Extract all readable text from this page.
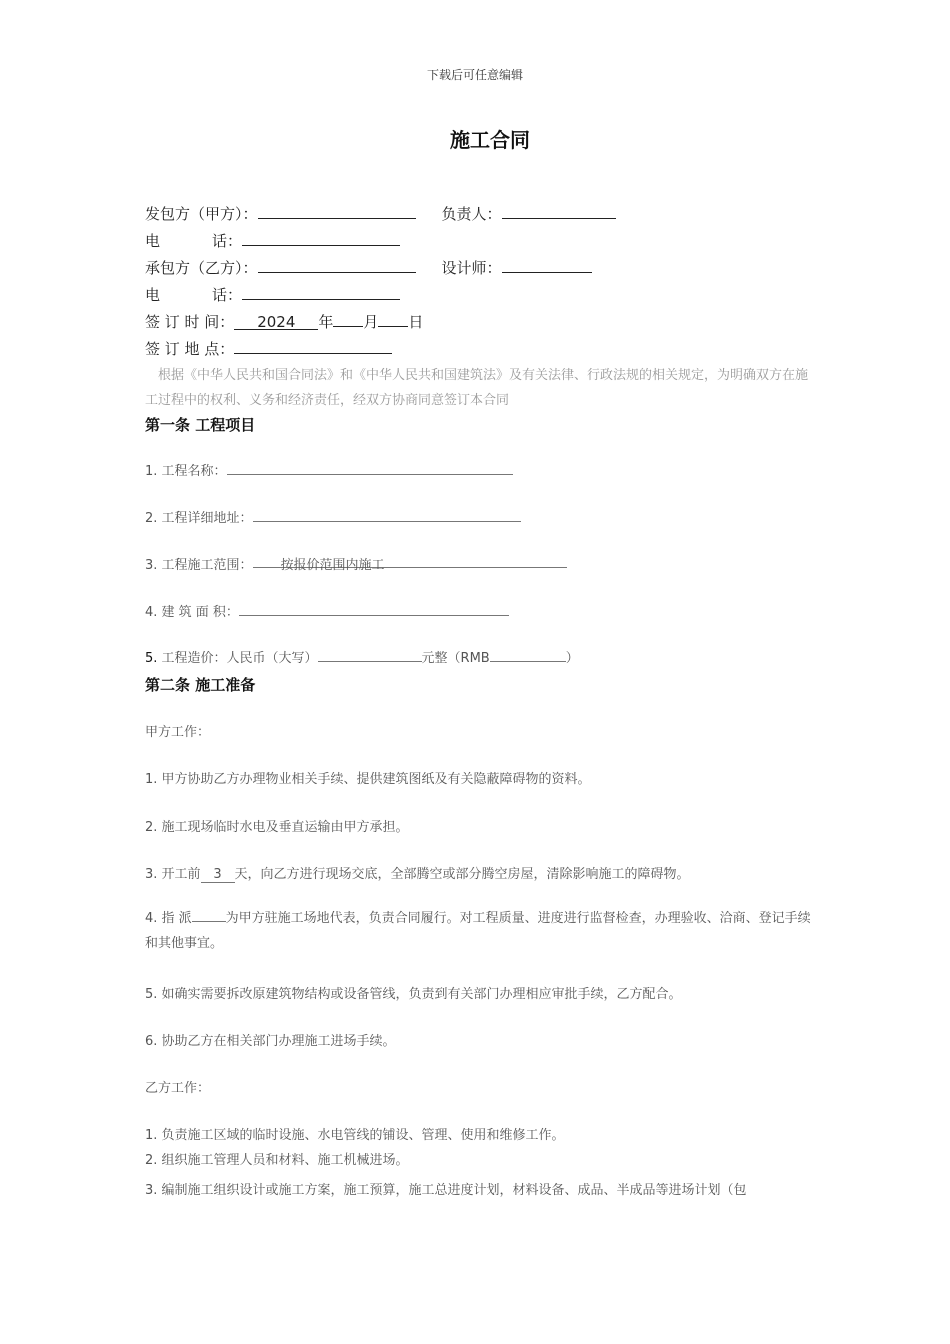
下载后可任意编辑
施工合同
发包方（甲方）：	负责人：
电	话：
承包方（乙方）：	设计师：
电	话：
签 订 时 间： 2024 年 月 日
签 订 地 点：
根据《中华人民共和国合同法》和《中华人民共和国建筑法》及有关法律、行政法规的相关规定，为明确双方在施工过程中的权利、义务和经济责任，经双方协商同意签订本合同
第一条 工程项目
1. 工程名称：
2. 工程详细地址：
3. 工程施工范围： 按报价范围内施工
4. 建 筑 面 积：
5. 工程造价：人民币（大写）	元整（RMB	）
第二条 施工准备
甲方工作：
1. 甲方协助乙方办理物业相关手续、提供建筑图纸及有关隐蔽障碍物的资料。
2. 施工现场临时水电及垂直运输由甲方承担。
3. 开工前 3 天，向乙方进行现场交底，全部腾空或部分腾空房屋，清除影响施工的障碍物。
4. 指 派	为甲方驻施工场地代表，负责合同履行。对工程质量、进度进行监督检查，办理验收、洽商、登记手续和其他事宜。
5. 如确实需要拆改原建筑物结构或设备管线，负责到有关部门办理相应审批手续，乙方配合。
6. 协助乙方在相关部门办理施工进场手续。
乙方工作：
1. 负责施工区域的临时设施、水电管线的铺设、管理、使用和维修工作。
2. 组织施工管理人员和材料、施工机械进场。
3. 编制施工组织设计或施工方案，施工预算，施工总进度计划，材料设备、成品、半成品等进场计划（包
